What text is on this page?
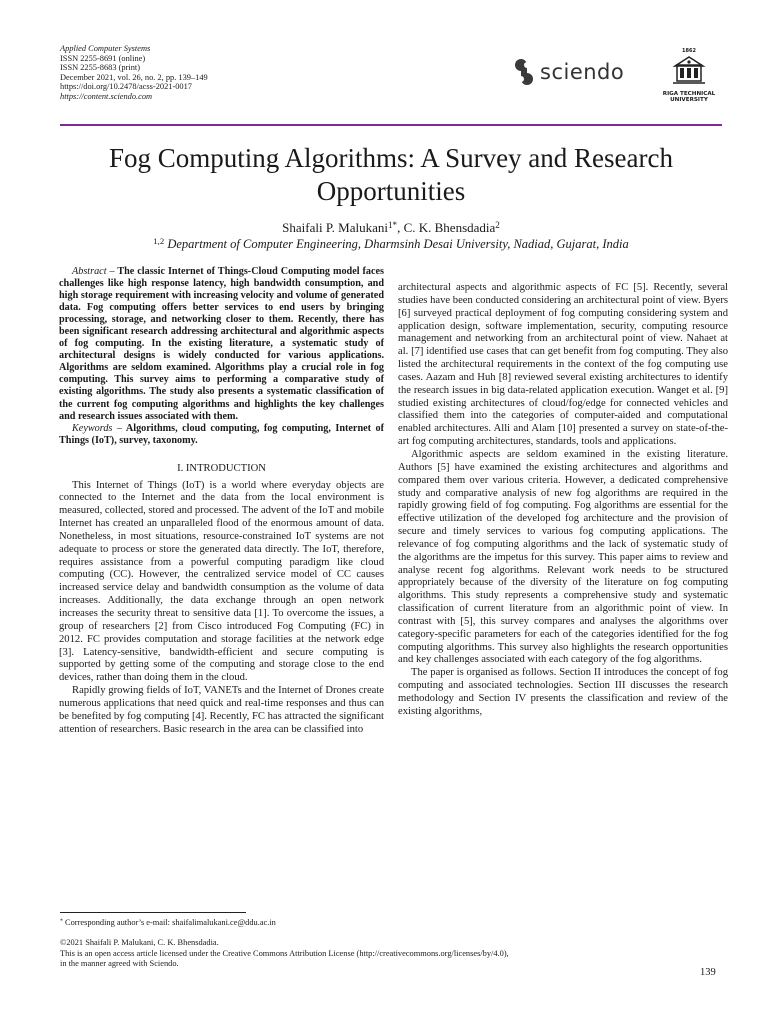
Applied Computer Systems
ISSN 2255-8691 (online)
ISSN 2255-8683 (print)
December 2021, vol. 26, no. 2, pp. 139–149
https://doi.org/10.2478/acss-2021-0017
https://content.sciendo.com
sciendo
1862
RIGA TECHNICAL
UNIVERSITY
Fog Computing Algorithms: A Survey and Research Opportunities
Shaifali P. Malukani$^{1*}$, C. K. Bhensdadia$^2$
$^{1,2}$ Department of Computer Engineering, Dharmsinh Desai University, Nadiad, Gujarat, India

Abstract – The classic Internet of Things-Cloud Computing model faces challenges like high response latency, high bandwidth consumption, and high storage requirement with increasing velocity and volume of generated data. Fog computing offers better services to end users by bringing processing, storage, and networking closer to them. Recently, there has been significant research addressing architectural and algorithmic aspects of fog computing. In the existing literature, a systematic study of architectural designs is widely conducted for various applications. Algorithms are seldom examined. Algorithms play a crucial role in fog computing. This survey aims to performing a comparative study of existing algorithms. The study also presents a systematic classification of the current fog computing algorithms and highlights the key challenges and research issues associated with them.

Keywords – Algorithms, cloud computing, fog computing, Internet of Things (IoT), survey, taxonomy.

I. INTRODUCTION

This Internet of Things (IoT) is a world where everyday objects are connected to the Internet and the data from the local environment is measured, collected, stored and processed. The advent of the IoT and mobile Internet has created an unparalleled flood of the enormous amount of data. Nonetheless, in most situations, resource-constrained IoT systems are not adequate to process or store the generated data directly. The IoT, therefore, requires assistance from a powerful computing paradigm like cloud computing (CC). However, the centralized service model of CC causes increased service delay and bandwidth consumption as the volume of data increases. Additionally, the data exchange through an open network increases the security threat to sensitive data [1]. To overcome the issues, a group of researchers [2] from Cisco introduced Fog Computing (FC) in 2012. FC provides computation and storage facilities at the network edge [3]. Latency-sensitive, bandwidth-efficient and secure computing is supported by getting some of the computing and storage close to the end devices, rather than doing them in the cloud.

Rapidly growing fields of IoT, VANETs and the Internet of Drones create numerous applications that need quick and real-time responses and thus can be benefited by fog computing [4]. Recently, FC has attracted the significant attention of researchers. Basic research in the area can be classified into

architectural aspects and algorithmic aspects of FC [5]. Recently, several studies have been conducted considering an architectural point of view. Byers [6] surveyed practical deployment of fog computing considering system and application design, software implementation, security, computing resource management and networking from an architectural point of view. Nahaet at al. [7] identified use cases that can get benefit from fog computing. They also listed the architectural requirements in the context of the fog computing use cases. Aazam and Huh [8] reviewed several existing architectures to identify the research issues in big data-related application execution. Wanget et al. [9] studied existing architectures of cloud/fog/edge for connected vehicles and classified them into the categories of computer-aided and computational enabled architectures. Alli and Alam [10] presented a survey on state-of-the-art fog computing architectures, standards, tools and applications.

Algorithmic aspects are seldom examined in the existing literature. Authors [5] have examined the existing architectures and algorithms and compared them over various criteria. However, a dedicated comprehensive study and comparative analysis of new fog algorithms are required in the rapidly growing field of fog computing. Fog algorithms are essential for the effective utilization of the developed fog architecture and the provision of secure and timely services to various fog computing applications. The relevance of fog computing algorithms and the lack of systematic study of the algorithms are the impetus for this survey. This paper aims to review and analyse recent fog algorithms. Relevant work needs to be structured appropriately because of the diversity of the literature on fog computing algorithms. This study represents a comprehensive study and systematic classification of current literature from an algorithmic point of view. In contrast with [5], this survey compares and analyses the algorithms over category-specific parameters for each of the categories identified for the fog computing algorithms. This survey also highlights the research opportunities and key challenges associated with each category of the fog algorithms.

The paper is organised as follows. Section II introduces the concept of fog computing and associated technologies. Section III discusses the research methodology and Section IV presents the classification and review of the existing algorithms,

* Corresponding author’s e-mail: shaifalimalukani.ce@ddu.ac.in
©2021 Shaifali P. Malukani, C. K. Bhensdadia.
This is an open access article licensed under the Creative Commons Attribution License (http://creativecommons.org/licenses/by/4.0),
in the manner agreed with Sciendo.
139
